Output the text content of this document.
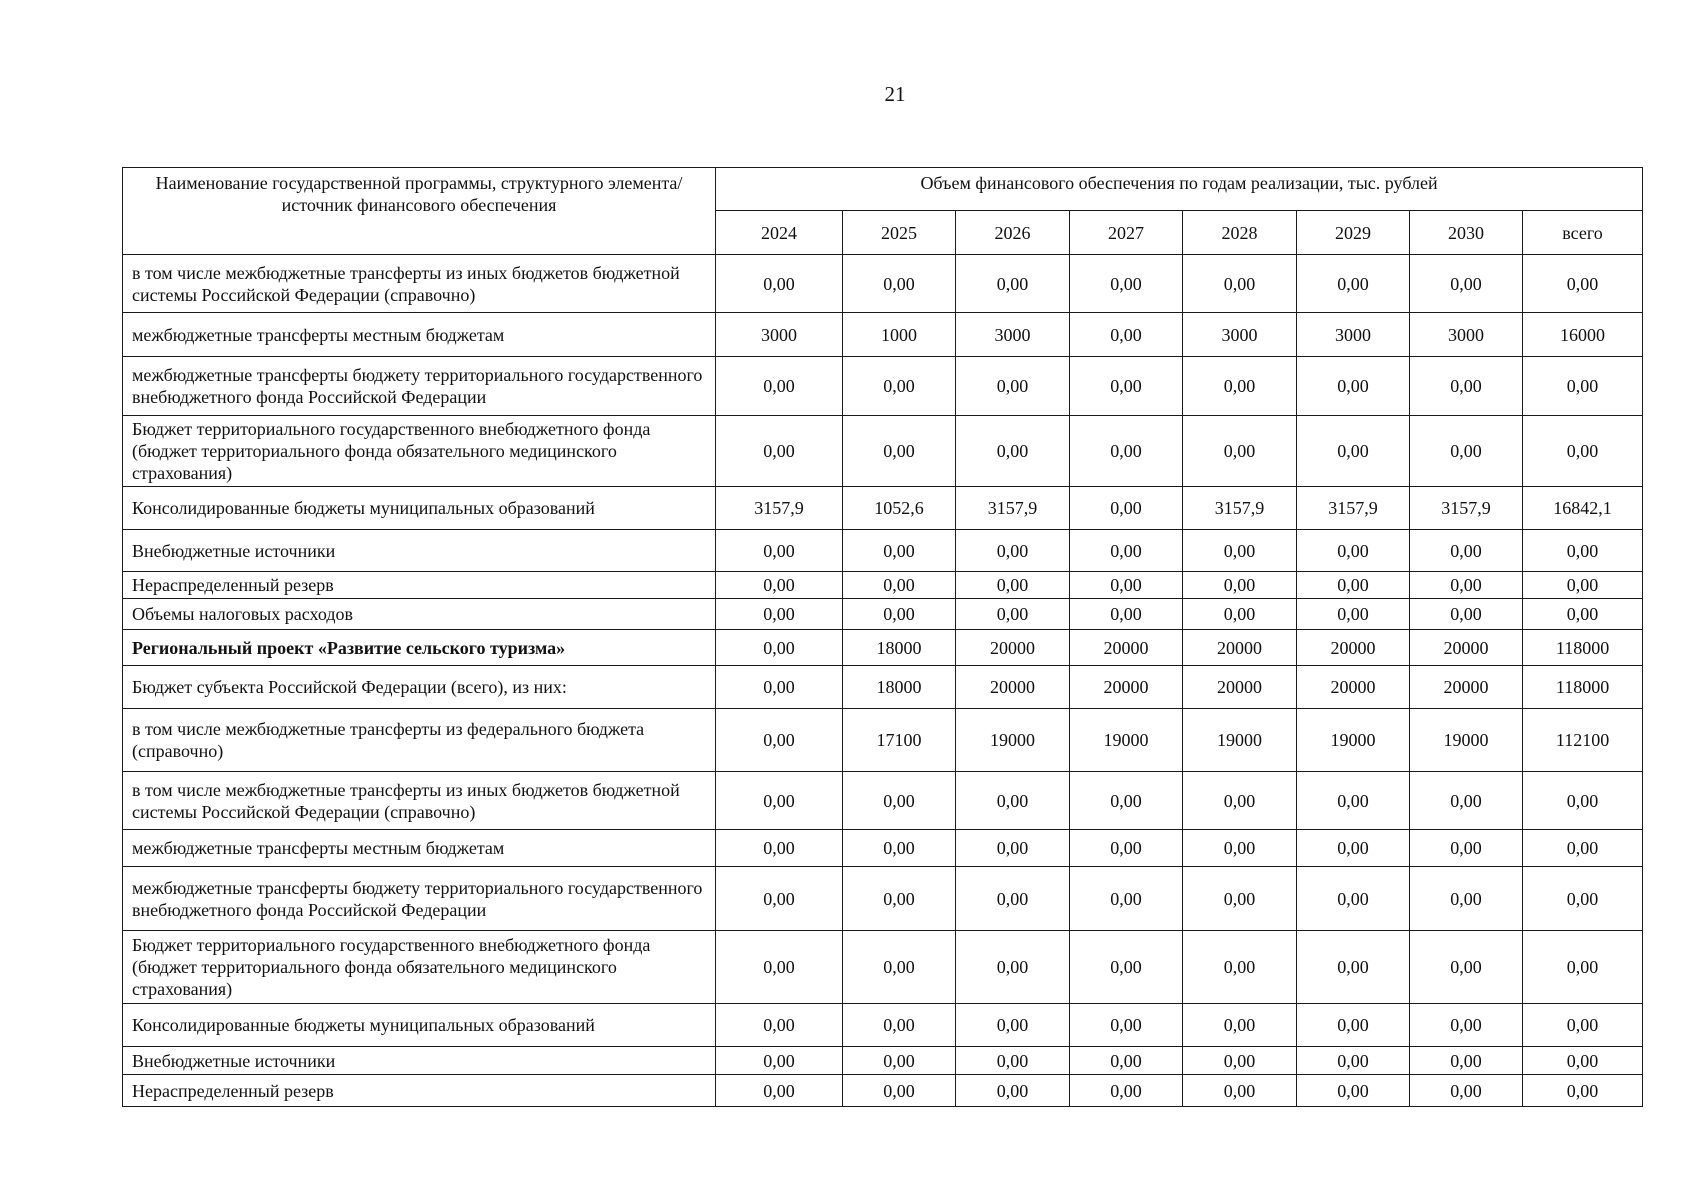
21
Наименование государственной программы, структурного элемента/источник финансового обеспечения	Объем финансового обеспечения по годам реализации, тыс. рублей							
	2024	2025	2026	2027	2028	2029	2030	всего
в том числе межбюджетные трансферты из иных бюджетов бюджетной системы Российской Федерации (справочно)	0,00	0,00	0,00	0,00	0,00	0,00	0,00	0,00
межбюджетные трансферты местным бюджетам	3000	1000	3000	0,00	3000	3000	3000	16000
межбюджетные трансферты бюджету территориального государственного внебюджетного фонда Российской Федерации	0,00	0,00	0,00	0,00	0,00	0,00	0,00	0,00
Бюджет территориального государственного внебюджетного фонда (бюджет территориального фонда обязательного медицинского страхования)	0,00	0,00	0,00	0,00	0,00	0,00	0,00	0,00
Консолидированные бюджеты муниципальных образований	3157,9	1052,6	3157,9	0,00	3157,9	3157,9	3157,9	16842,1
Внебюджетные источники	0,00	0,00	0,00	0,00	0,00	0,00	0,00	0,00
Нераспределенный резерв	0,00	0,00	0,00	0,00	0,00	0,00	0,00	0,00
Объемы налоговых расходов	0,00	0,00	0,00	0,00	0,00	0,00	0,00	0,00
Региональный проект «Развитие сельского туризма»	0,00	18000	20000	20000	20000	20000	20000	118000
Бюджет субъекта Российской Федерации (всего), из них:	0,00	18000	20000	20000	20000	20000	20000	118000
в том числе межбюджетные трансферты из федерального бюджета (справочно)	0,00	17100	19000	19000	19000	19000	19000	112100
в том числе межбюджетные трансферты из иных бюджетов бюджетной системы Российской Федерации (справочно)	0,00	0,00	0,00	0,00	0,00	0,00	0,00	0,00
межбюджетные трансферты местным бюджетам	0,00	0,00	0,00	0,00	0,00	0,00	0,00	0,00
межбюджетные трансферты бюджету территориального государственного внебюджетного фонда Российской Федерации	0,00	0,00	0,00	0,00	0,00	0,00	0,00	0,00
Бюджет территориального государственного внебюджетного фонда (бюджет территориального фонда обязательного медицинского страхования)	0,00	0,00	0,00	0,00	0,00	0,00	0,00	0,00
Консолидированные бюджеты муниципальных образований	0,00	0,00	0,00	0,00	0,00	0,00	0,00	0,00
Внебюджетные источники	0,00	0,00	0,00	0,00	0,00	0,00	0,00	0,00
Нераспределенный резерв	0,00	0,00	0,00	0,00	0,00	0,00	0,00	0,00
